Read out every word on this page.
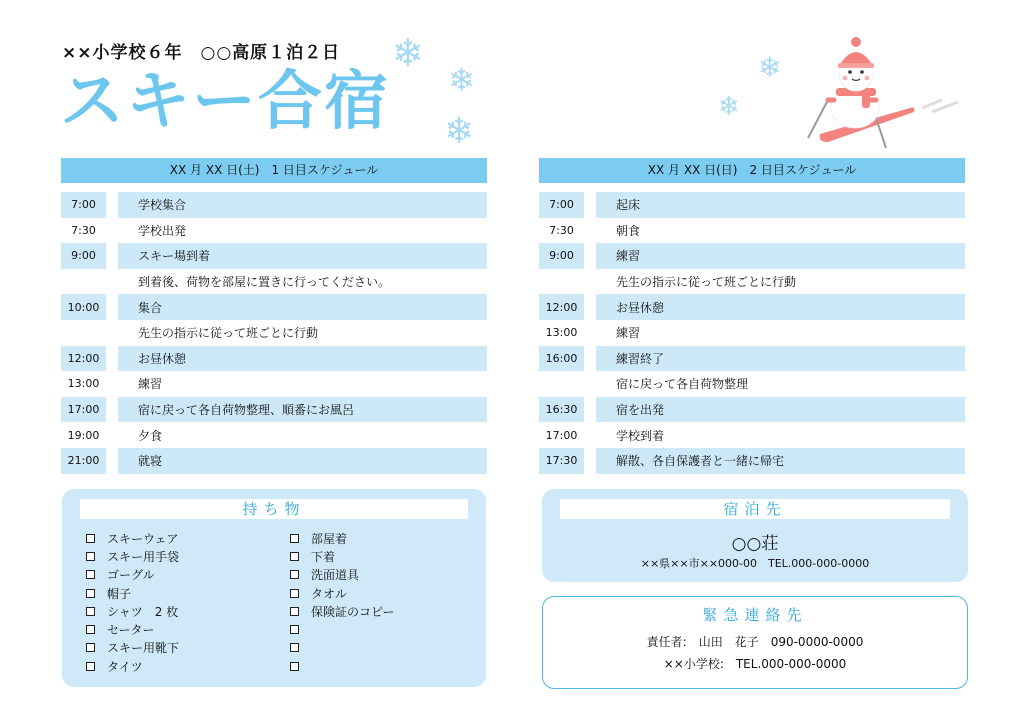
××小学校６年　○○高原１泊２日
スキー合宿
❄
❄
❄
❄
❄
XX 月 XX 日(土)　1 日目スケジュール
7:00	学校集合
7:30	学校出発
9:00	スキー場到着
到着後、荷物を部屋に置きに行ってください。
10:00	集合
先生の指示に従って班ごとに行動
12:00	お昼休憩
13:00	練習
17:00	宿に戻って各自荷物整理、順番にお風呂
19:00	夕食
21:00	就寝
XX 月 XX 日(日)　2 日目スケジュール
7:00	起床
7:30	朝食
9:00	練習
先生の指示に従って班ごとに行動
12:00	お昼休憩
13:00	練習
16:00	練習終了
宿に戻って各自荷物整理
16:30	宿を出発
17:00	学校到着
17:30	解散、各自保護者と一緒に帰宅
持ち物
スキーウェア
スキー用手袋
ゴーグル
帽子
シャツ　2 枚
セーター
スキー用靴下
タイツ
部屋着
下着
洗面道具
タオル
保険証のコピー
宿泊先
○○荘
××県××市××000-00　TEL.000-000-0000
緊急連絡先
責任者:　山田　花子　090-0000-0000
××小学校:　TEL.000-000-0000
